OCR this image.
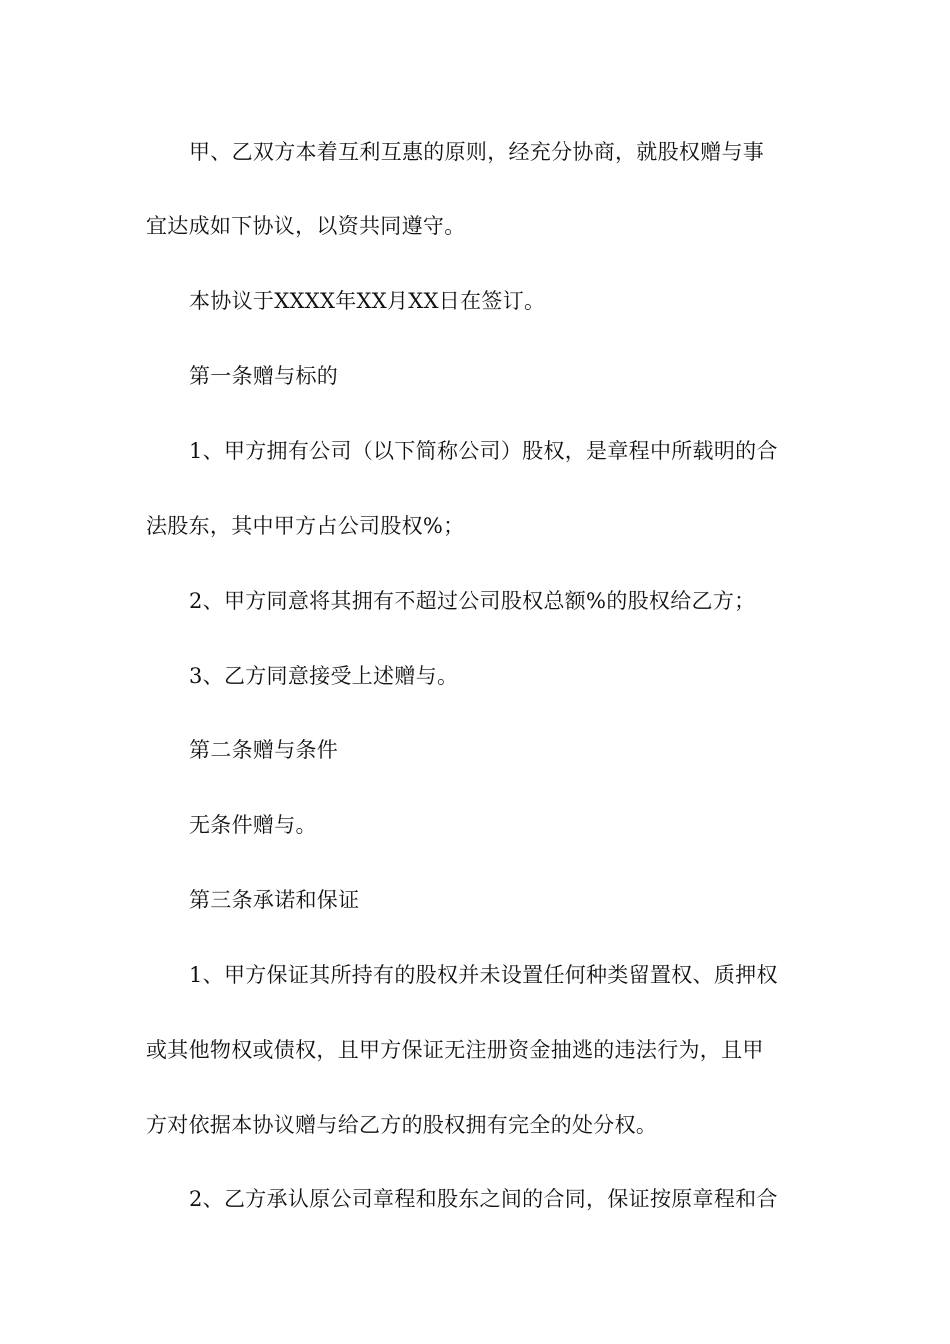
甲、乙双方本着互利互惠的原则，经充分协商，就股权赠与事
宜达成如下协议，以资共同遵守。
本协议于XXXX年XX月XX日在签订。
第一条赠与标的
1、甲方拥有公司（以下简称公司）股权，是章程中所载明的合
法股东，其中甲方占公司股权%；
2、甲方同意将其拥有不超过公司股权总额%的股权给乙方；
3、乙方同意接受上述赠与。
第二条赠与条件
无条件赠与。
第三条承诺和保证
1、甲方保证其所持有的股权并未设置任何种类留置权、质押权
或其他物权或债权，且甲方保证无注册资金抽逃的违法行为，且甲
方对依据本协议赠与给乙方的股权拥有完全的处分权。
2、乙方承认原公司章程和股东之间的合同，保证按原章程和合
